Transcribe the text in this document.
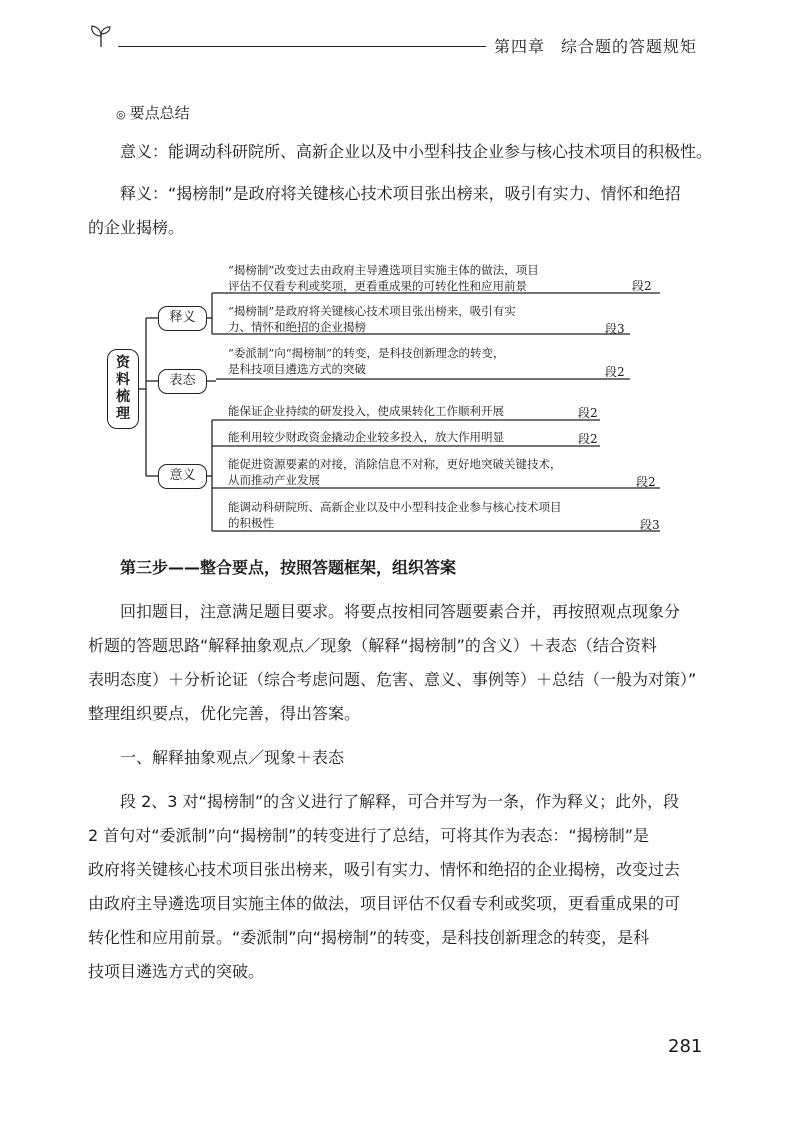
第四章 综合题的答题规矩
◎ 要点总结
意义：能调动科研院所、高新企业以及中小型科技企业参与核心技术项目的积极性。
释义：“揭榜制”是政府将关键核心技术项目张出榜来，吸引有实力、情怀和绝招
的企业揭榜。
资
料
梳
理
释义
表态
意义
“揭榜制”改变过去由政府主导遴选项目实施主体的做法，项目
评估不仅看专利或奖项，更看重成果的可转化性和应用前景	段2
“揭榜制”是政府将关键核心技术项目张出榜来，吸引有实
力、情怀和绝招的企业揭榜	段3
“委派制”向“揭榜制”的转变，是科技创新理念的转变，
是科技项目遴选方式的突破	段2
能保证企业持续的研发投入，使成果转化工作顺利开展	段2
能利用较少财政资金撬动企业较多投入，放大作用明显	段2
能促进资源要素的对接，消除信息不对称，更好地突破关键技术，
从而推动产业发展	段2
能调动科研院所、高新企业以及中小型科技企业参与核心技术项目
的积极性	段3
第三步——整合要点，按照答题框架，组织答案
回扣题目，注意满足题目要求。将要点按相同答题要素合并，再按照观点现象分
析题的答题思路“解释抽象观点／现象（解释“揭榜制”的含义）＋表态（结合资料
表明态度）＋分析论证（综合考虑问题、危害、意义、事例等）＋总结（一般为对策）”
整理组织要点，优化完善，得出答案。
一、解释抽象观点／现象＋表态
段 2、3 对“揭榜制”的含义进行了解释，可合并写为一条，作为释义；此外，段
2 首句对“委派制”向“揭榜制”的转变进行了总结，可将其作为表态：“揭榜制”是
政府将关键核心技术项目张出榜来，吸引有实力、情怀和绝招的企业揭榜，改变过去
由政府主导遴选项目实施主体的做法，项目评估不仅看专利或奖项，更看重成果的可
转化性和应用前景。“委派制”向“揭榜制”的转变，是科技创新理念的转变，是科
技项目遴选方式的突破。
281
